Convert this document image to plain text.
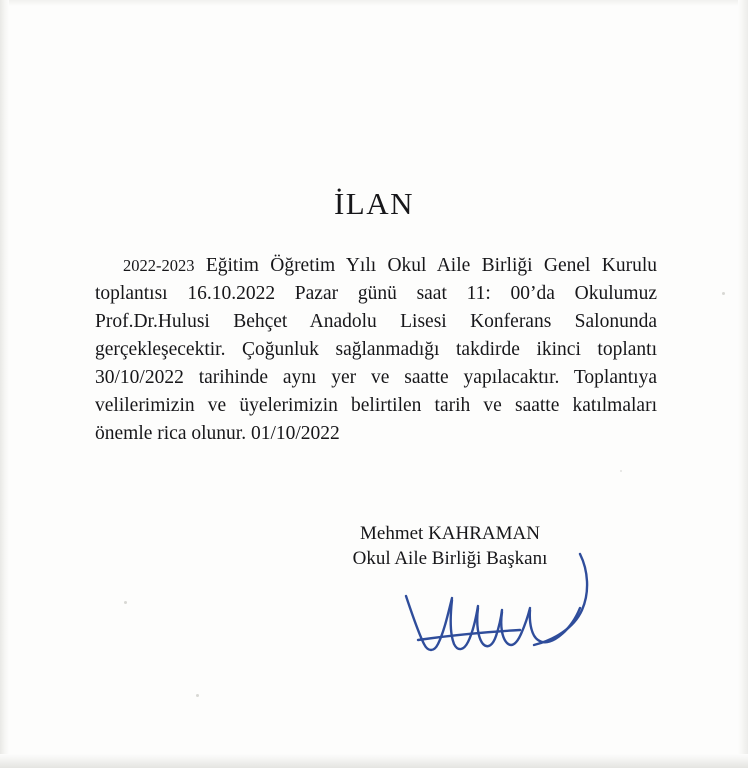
İLAN

2022-2023 Eğitim Öğretim Yılı Okul Aile Birliği Genel Kurulu toplantısı 16.10.2022 Pazar günü saat 11: 00’da Okulumuz Prof.Dr.Hulusi Behçet Anadolu Lisesi Konferans Salonunda gerçekleşecektir. Çoğunluk sağlanmadığı takdirde ikinci toplantı 30/10/2022 tarihinde aynı yer ve saatte yapılacaktır. Toplantıya velilerimizin ve üyelerimizin belirtilen tarih ve saatte katılmaları önemle rica olunur. 01/10/2022

Mehmet KAHRAMAN
Okul Aile Birliği Başkanı
